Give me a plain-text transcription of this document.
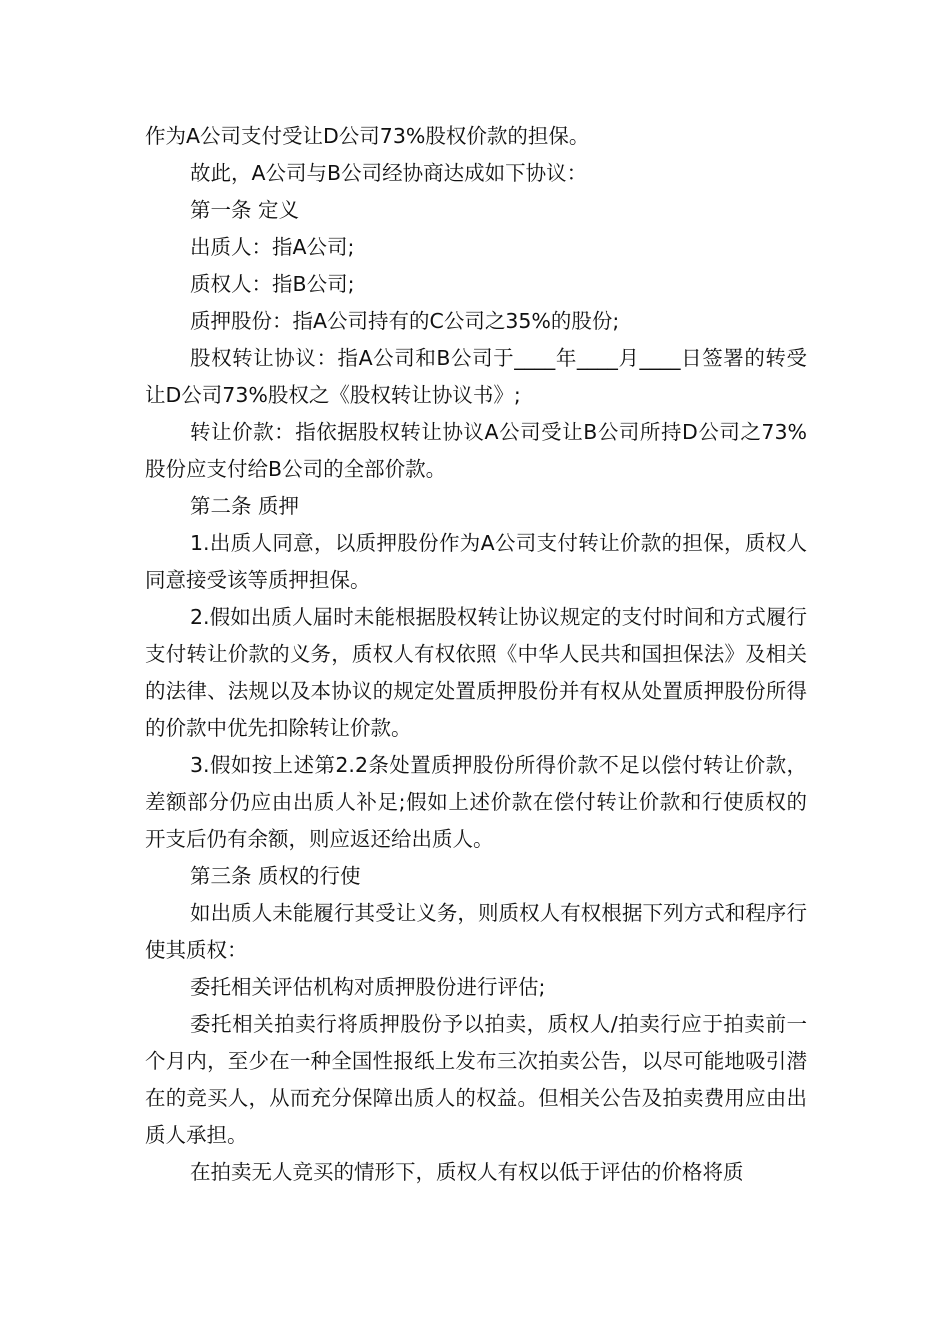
作为A公司支付受让D公司73%股权价款的担保。

故此，A公司与B公司经协商达成如下协议：

第一条 定义

出质人：指A公司;

质权人：指B公司;

质押股份：指A公司持有的C公司之35%的股份;

股权转让协议：指A公司和B公司于____年____月____日签署的转受让D公司73%股权之《股权转让协议书》;

转让价款：指依据股权转让协议A公司受让B公司所持D公司之73%股份应支付给B公司的全部价款。

第二条 质押

1.出质人同意，以质押股份作为A公司支付转让价款的担保，质权人同意接受该等质押担保。

2.假如出质人届时未能根据股权转让协议规定的支付时间和方式履行支付转让价款的义务，质权人有权依照《中华人民共和国担保法》及相关的法律、法规以及本协议的规定处置质押股份并有权从处置质押股份所得的价款中优先扣除转让价款。

3.假如按上述第2.2条处置质押股份所得价款不足以偿付转让价款，差额部分仍应由出质人补足;假如上述价款在偿付转让价款和行使质权的开支后仍有余额，则应返还给出质人。

第三条 质权的行使

如出质人未能履行其受让义务，则质权人有权根据下列方式和程序行使其质权：

委托相关评估机构对质押股份进行评估;

委托相关拍卖行将质押股份予以拍卖，质权人/拍卖行应于拍卖前一个月内，至少在一种全国性报纸上发布三次拍卖公告，以尽可能地吸引潜在的竞买人，从而充分保障出质人的权益。但相关公告及拍卖费用应由出质人承担。

在拍卖无人竞买的情形下，质权人有权以低于评估的价格将质
